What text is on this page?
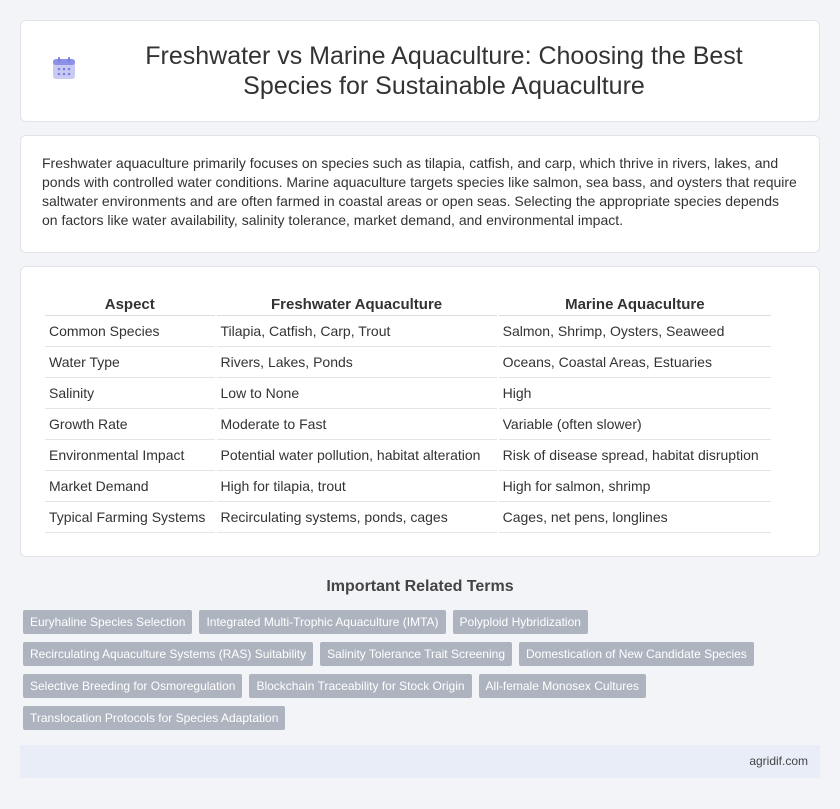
Freshwater vs Marine Aquaculture: Choosing the Best Species for Sustainable Aquaculture

Freshwater aquaculture primarily focuses on species such as tilapia, catfish, and carp, which thrive in rivers, lakes, and ponds with controlled water conditions. Marine aquaculture targets species like salmon, sea bass, and oysters that require saltwater environments and are often farmed in coastal areas or open seas. Selecting the appropriate species depends on factors like water availability, salinity tolerance, market demand, and environmental impact.

Aspect	Freshwater Aquaculture	Marine Aquaculture
Common Species	Tilapia, Catfish, Carp, Trout	Salmon, Shrimp, Oysters, Seaweed
Water Type	Rivers, Lakes, Ponds	Oceans, Coastal Areas, Estuaries
Salinity	Low to None	High
Growth Rate	Moderate to Fast	Variable (often slower)
Environmental Impact	Potential water pollution, habitat alteration	Risk of disease spread, habitat disruption
Market Demand	High for tilapia, trout	High for salmon, shrimp
Typical Farming Systems	Recirculating systems, ponds, cages	Cages, net pens, longlines
Important Related Terms
Euryhaline Species Selection Integrated Multi-Trophic Aquaculture (IMTA) Polyploid Hybridization
Recirculating Aquaculture Systems (RAS) Suitability Salinity Tolerance Trait Screening Domestication of New Candidate Species
Selective Breeding for Osmoregulation Blockchain Traceability for Stock Origin All-female Monosex Cultures
Translocation Protocols for Species Adaptation
agridif.com
